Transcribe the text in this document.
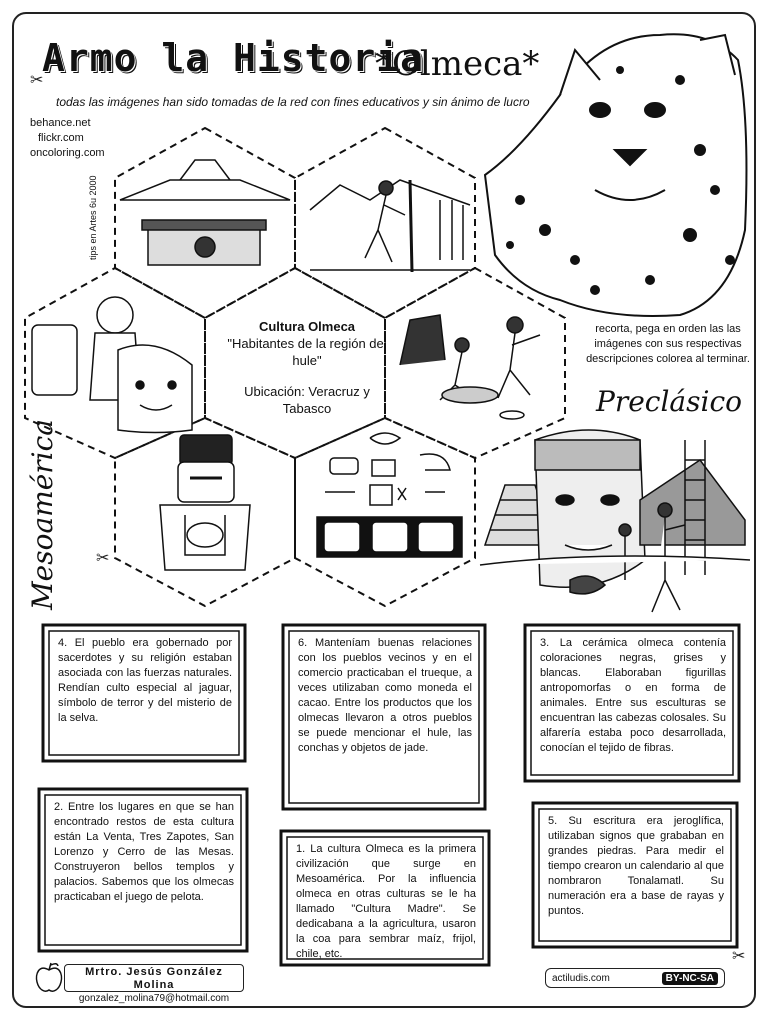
Armo la Historia
*Olmeca*
todas las imágenes han sido tomadas de la red con fines educativos y sin ánimo de lucro
behance.net
flickr.com
oncoloring.com
tips en Artes 6u 2000
Cultura Olmeca
"Habitantes de la región del hule"
Ubicación: Veracruz y Tabasco
recorta, pega en orden las las imágenes con sus respectivas descripciones colorea al terminar.
Preclásico
Mesoamérica
✂
✂
✂

4. El pueblo era gobernado por sacerdotes y su religión estaban asociada con las fuerzas naturales. Rendían culto especial al jaguar, símbolo de terror y del misterio de la selva.

6. Manteníam buenas relaciones con los pueblos vecinos y en el comercio practicaban el trueque, a veces utilizaban como moneda el cacao. Entre los productos que los olmecas llevaron a otros pueblos se puede mencionar el hule, las conchas y objetos de jade.

3. La cerámica olmeca contenía coloraciones negras, grises y blancas. Elaboraban figurillas antropomorfas o en forma de animales. Entre sus esculturas se encuentran las cabezas colosales. Su alfarería estaba poco desarrollada, conocían el tejido de fibras.

2. Entre los lugares en que se han encontrado restos de esta cultura están La Venta, Tres Zapotes, San Lorenzo y Cerro de las Mesas. Construyeron bellos templos y palacios. Sabemos que los olmecas practicaban el juego de pelota.

1. La cultura Olmeca es la primera civilización que surge en Mesoamérica. Por la influencia olmeca en otras culturas se le ha llamado "Cultura Madre". Se dedicabana a la agricultura, usaron la coa para sembrar maíz, frijol, chile, etc.

5. Su escritura era jeroglífica, utilizaban signos que grababan en grandes piedras. Para medir el tiempo crearon un calendario al que nombraron Tonalamatl. Su numeración era a base de rayas y puntos.

Mrtro. Jesús González Molina
gonzalez_molina79@hotmail.com
actiludis.com	BY-NC-SA
